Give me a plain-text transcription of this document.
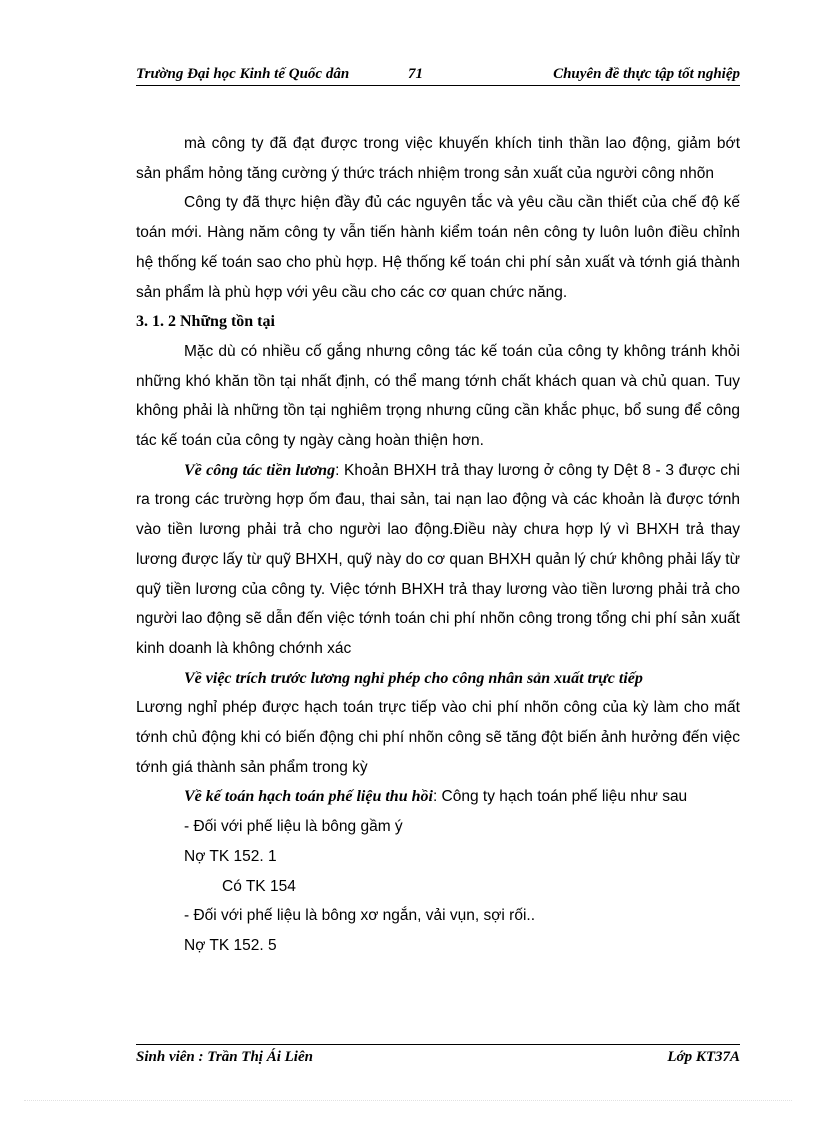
Trường Đại học Kinh tế Quốc dân	71	Chuyên đề thực tập tốt nghiệp

mà công ty đã đạt được trong việc khuyến khích tinh thần lao động, giảm bớt sản phẩm hỏng tăng cường ý thức trách nhiệm trong sản xuất của người công nhõn

Công ty đã thực hiện đầy đủ các nguyên tắc và yêu cầu cần thiết của chế độ kế toán mới. Hàng năm công ty vẫn tiến hành kiểm toán nên công ty luôn luôn điều chỉnh hệ thống kế toán sao cho phù hợp. Hệ thống kế toán chi phí sản xuất và tớnh giá thành sản phẩm là phù hợp với yêu cầu cho các cơ quan chức năng.

3. 1. 2 Những tồn tại

Mặc dù có nhiều cố gắng nhưng công tác kế toán của công ty không tránh khỏi những khó khăn tồn tại nhất định, có thể mang tớnh chất khách quan và chủ quan. Tuy không phải là những tồn tại nghiêm trọng nhưng cũng cần khắc phục, bổ sung để công tác kế toán của công ty ngày càng hoàn thiện hơn.

Về công tác tiền lương: Khoản BHXH trả thay lương ở công ty Dệt 8 - 3 được chi ra trong các trường hợp ốm đau, thai sản, tai nạn lao động và các khoản là được tớnh vào tiền lương phải trả cho người lao động.Điều này chưa hợp lý vì BHXH trả thay lương được lấy từ quỹ BHXH, quỹ này do cơ quan BHXH quản lý chứ không phải lấy từ quỹ tiền lương của công ty. Việc tớnh BHXH trả thay lương vào tiền lương phải trả cho người lao động sẽ dẫn đến việc tớnh toán chi phí nhõn công trong tổng chi phí sản xuất kinh doanh là không chớnh xác

Về việc trích trước lương nghỉ phép cho công nhân sản xuất trực tiếp

Lương nghỉ phép được hạch toán trực tiếp vào chi phí nhõn công của kỳ làm cho mất tớnh chủ động khi có biến động chi phí nhõn công sẽ tăng đột biến ảnh hưởng đến việc tớnh giá thành sản phẩm trong kỳ

Về kế toán hạch toán phế liệu thu hồi: Công ty hạch toán phế liệu như sau

- Đối với phế liệu là bông gầm ý

Nợ TK 152. 1

Có TK 154

- Đối với phế liệu là bông xơ ngắn, vải vụn, sợi rối..

Nợ TK 152. 5

Sinh viên : Trần Thị Ái Liên	Lớp KT37A
